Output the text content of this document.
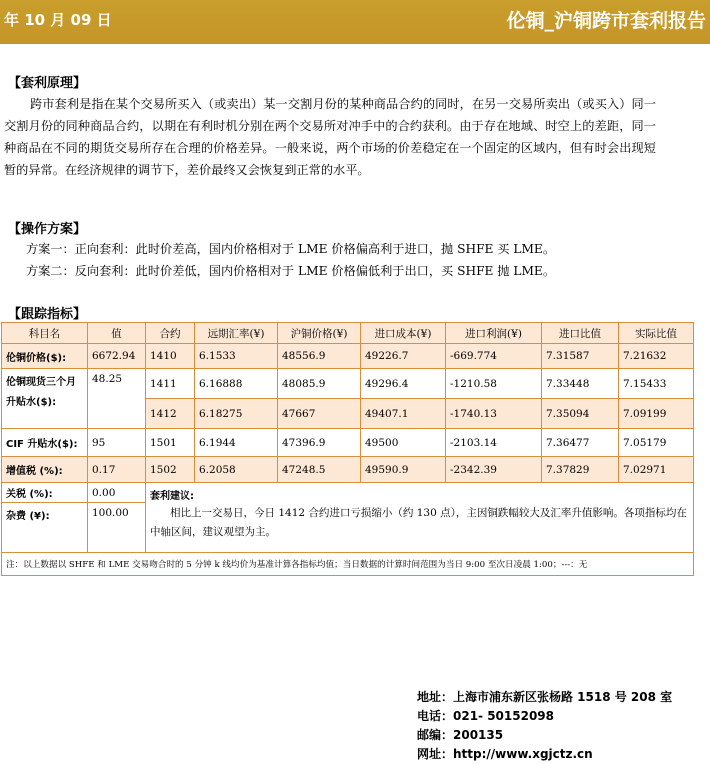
年 10 月 09 日	伦铜_沪铜跨市套利报告
【套利原理】
跨市套利是指在某个交易所买入（或卖出）某一交割月份的某种商品合约的同时，在另一交易所卖出（或买入）同一交割月份的同种商品合约，以期在有利时机分别在两个交易所对冲手中的合约获利。由于存在地域、时空上的差距，同一种商品在不同的期货交易所存在合理的价格差异。一般来说，两个市场的价差稳定在一个固定的区域内，但有时会出现短暂的异常。在经济规律的调节下，差价最终又会恢复到正常的水平。
【操作方案】
方案一：正向套利：此时价差高，国内价格相对于 LME 价格偏高利于进口，抛 SHFE 买 LME。
方案二：反向套利：此时价差低，国内价格相对于 LME 价格偏低利于出口，买 SHFE 抛 LME。
【跟踪指标】
科目名	值	合约	远期汇率(¥)	沪铜价格(¥)	进口成本(¥)	进口利润(¥)	进口比值	实际比值
伦铜价格($):	6672.94	1410	6.1533	48556.9	49226.7	-669.774	7.31587	7.21632
伦铜现货三个月升贴水($):	48.25	1411	6.16888	48085.9	49296.4	-1210.58	7.33448	7.15433
		1412	6.18275	47667	49407.1	-1740.13	7.35094	7.09199
CIF 升贴水($):	95	1501	6.1944	47396.9	49500	-2103.14	7.36477	7.05179
增值税 (%):	0.17	1502	6.2058	47248.5	49590.9	-2342.39	7.37829	7.02971
关税 (%):	0.00	套利建议:
相比上一交易日，今日 1412 合约进口亏损缩小（约 130 点），主因铜跌幅较大及汇率升值影响。各项指标均在中轴区间，建议观望为主。						

杂费 (¥):	100.00							
注：以上数据以 SHFE 和 LME 交易吻合时的 5 分钟 k 线均价为基准计算各指标均值；当日数据的计算时间范围为当日 9:00 至次日凌晨 1:00；---：无								
地址：上海市浦东新区张杨路 1518 号 208 室
电话：021- 50152098
邮编：200135
网址：http://www.xgjctz.cn
